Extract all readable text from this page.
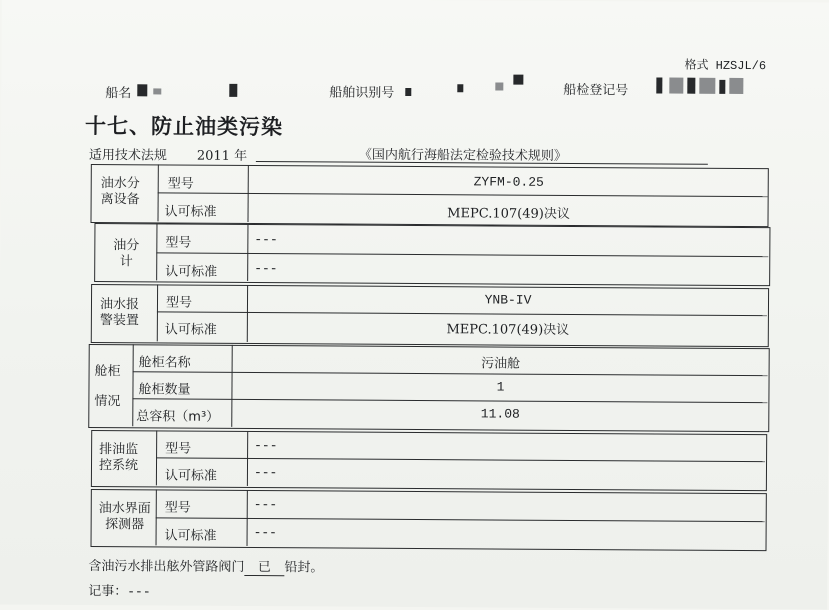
格式 HZSJL/6
船名	船舶识别号	船检登记号
十七、防止油类污染
适用技术法规 2011 年	《国内航行海船法定检验技术规则》
油水分
离设备
型号	ZYFM-0.25
认可标准	MEPC.107(49)决议
油分
计
型号	---
认可标准	---
油水报
警装置
型号	YNB-IV
认可标准	MEPC.107(49)决议
舱柜
情况
舱柜名称	污油舱
舱柜数量	1
总容积（m³）	11.08
排油监
控系统
型号	---
认可标准	---
油水界面
探测器
型号	---
认可标准	---
含油污水排出舷外管路阀门 已 铅封。
记事：---
